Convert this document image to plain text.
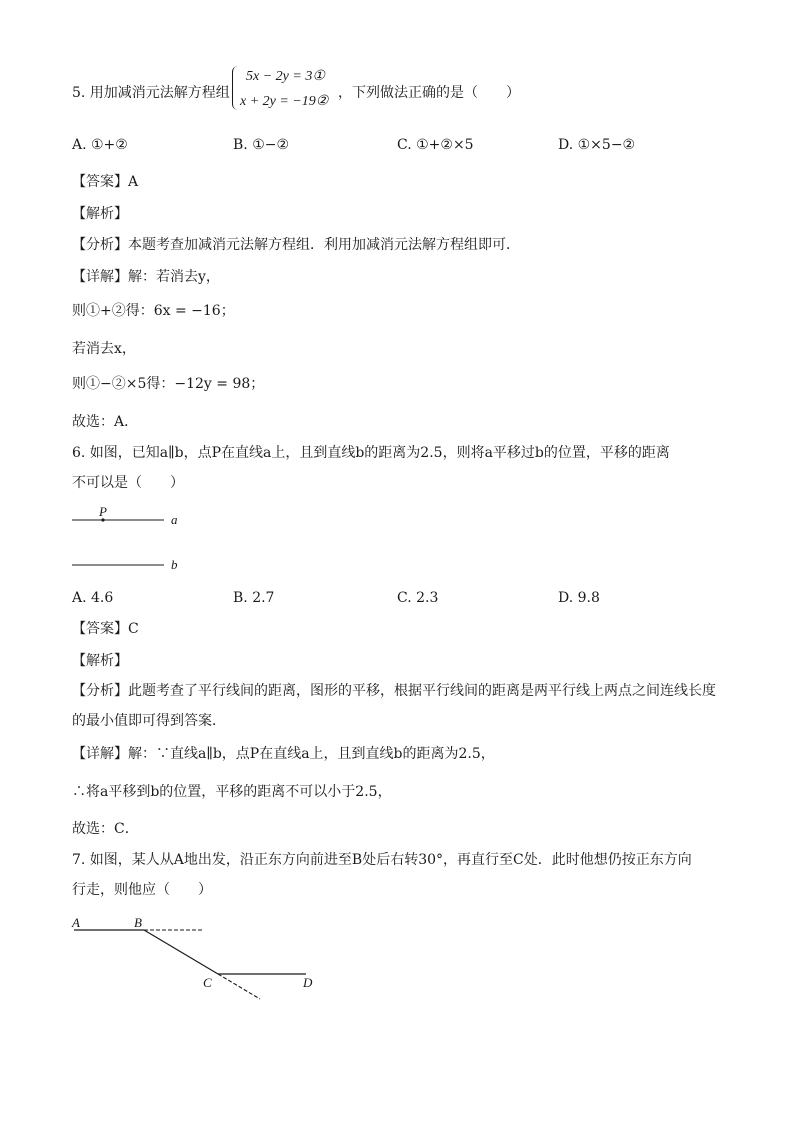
5. 用加减消元法解方程组
5x − 2y = 3①
x + 2y = −19②
，下列做法正确的是（　　）
A. ①+②	B. ①−②	C. ①+②×5	D. ①×5−②
【答案】A
【解析】
【分析】本题考查加减消元法解方程组．利用加减消元法解方程组即可．
【详解】解：若消去y，
则①+②得：6x = −16；
若消去x，
则①−②×5得：−12y = 98；
故选：A．
6. 如图，已知a∥b，点P在直线a上，且到直线b的距离为2.5，则将a平移过b的位置，平移的距离
不可以是（　　）
P
a
b
A. 4.6	B. 2.7	C. 2.3	D. 9.8
【答案】C
【解析】
【分析】此题考查了平行线间的距离，图形的平移，根据平行线间的距离是两平行线上两点之间连线长度
的最小值即可得到答案．
【详解】解：∵直线a∥b，点P在直线a上，且到直线b的距离为2.5，
∴将a平移到b的位置，平移的距离不可以小于2.5，
故选：C．
7. 如图，某人从A地出发，沿正东方向前进至B处后右转30°，再直行至C处．此时他想仍按正东方向
行走，则他应（　　）
A	B
C	D
